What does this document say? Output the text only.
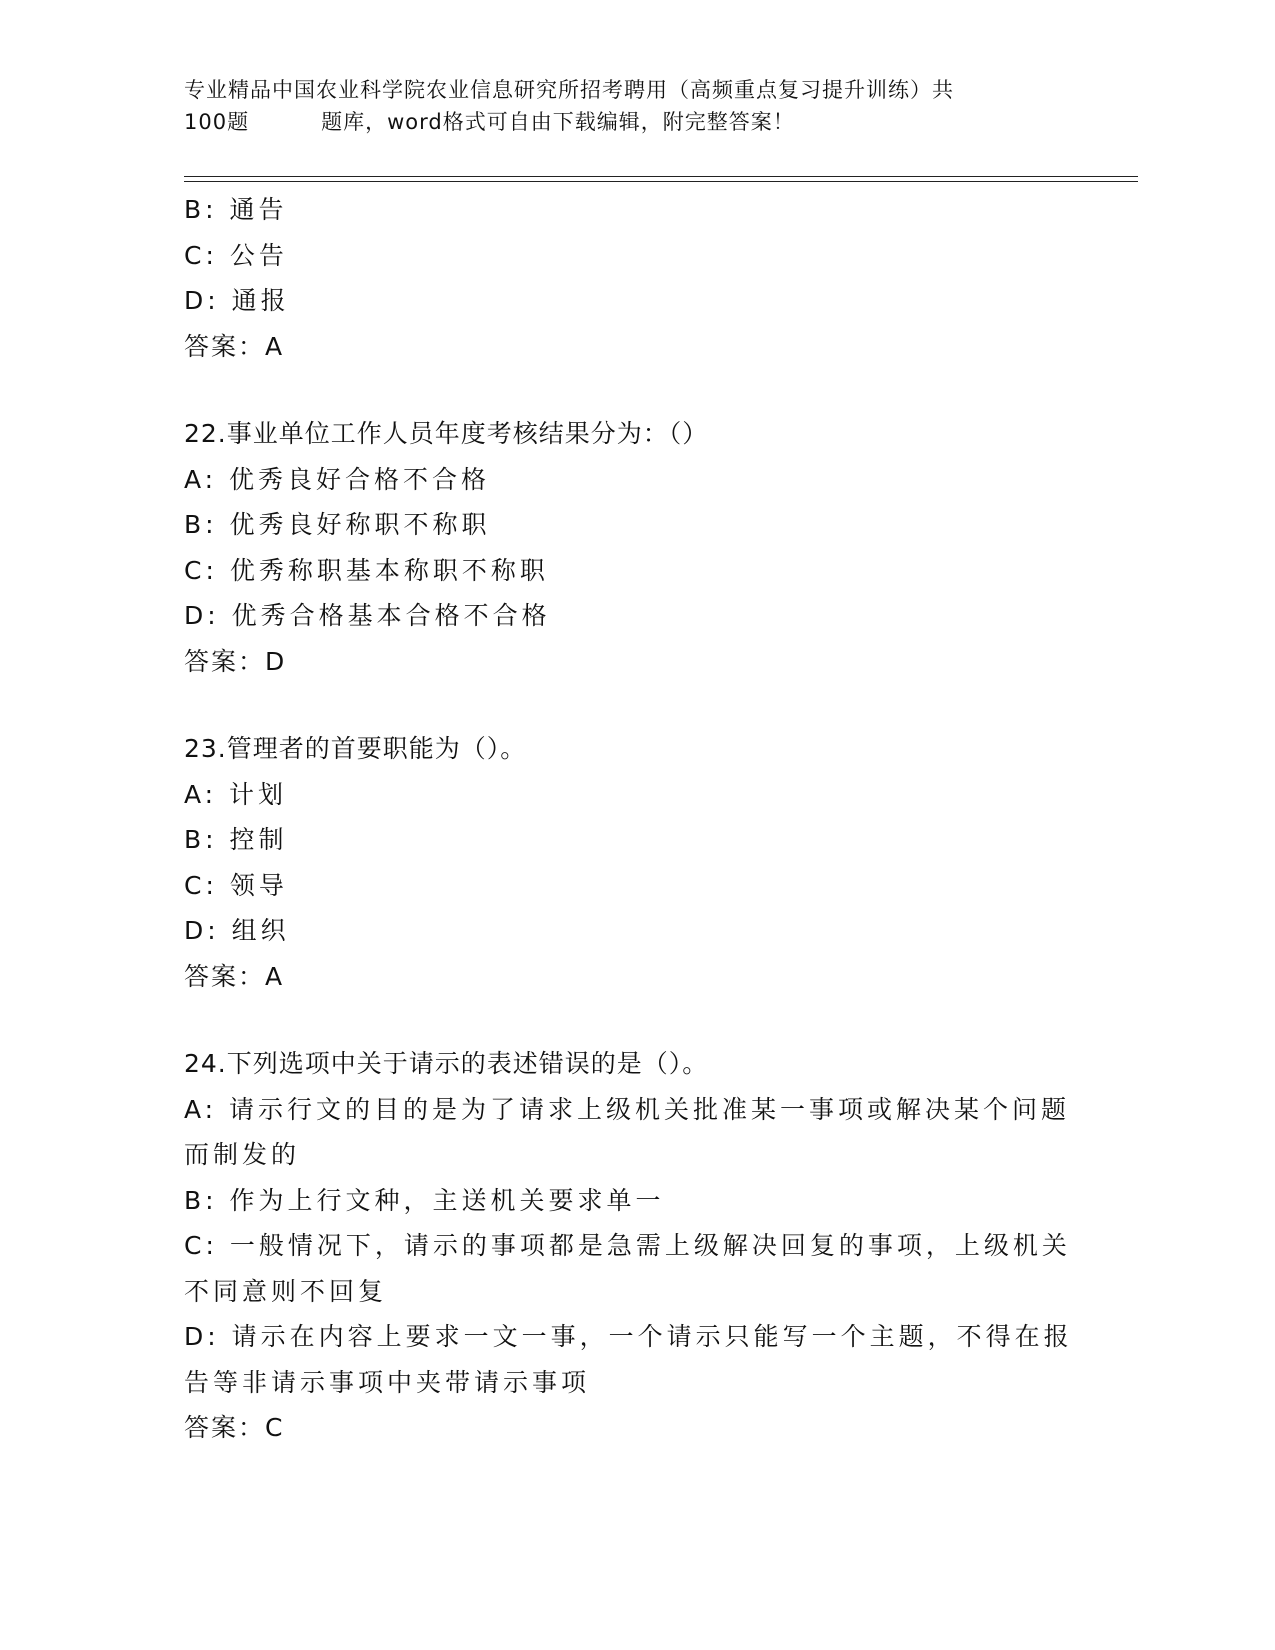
专业精品中国农业科学院农业信息研究所招考聘用（高频重点复习提升训练）共
100题	题库，word格式可自由下载编辑，附完整答案！
B: 通告
C: 公告
D: 通报
答案：A
22.事业单位工作人员年度考核结果分为：（）
A: 优秀良好合格不合格
B: 优秀良好称职不称职
C: 优秀称职基本称职不称职
D: 优秀合格基本合格不合格
答案：D
23.管理者的首要职能为（）。
A: 计划
B: 控制
C: 领导
D: 组织
答案：A
24.下列选项中关于请示的表述错误的是（）。
A: 请示行文的目的是为了请求上级机关批准某一事项或解决某个问题
而制发的
B: 作为上行文种，主送机关要求单一
C: 一般情况下，请示的事项都是急需上级解决回复的事项，上级机关
不同意则不回复
D: 请示在内容上要求一文一事，一个请示只能写一个主题，不得在报
告等非请示事项中夹带请示事项
答案：C
